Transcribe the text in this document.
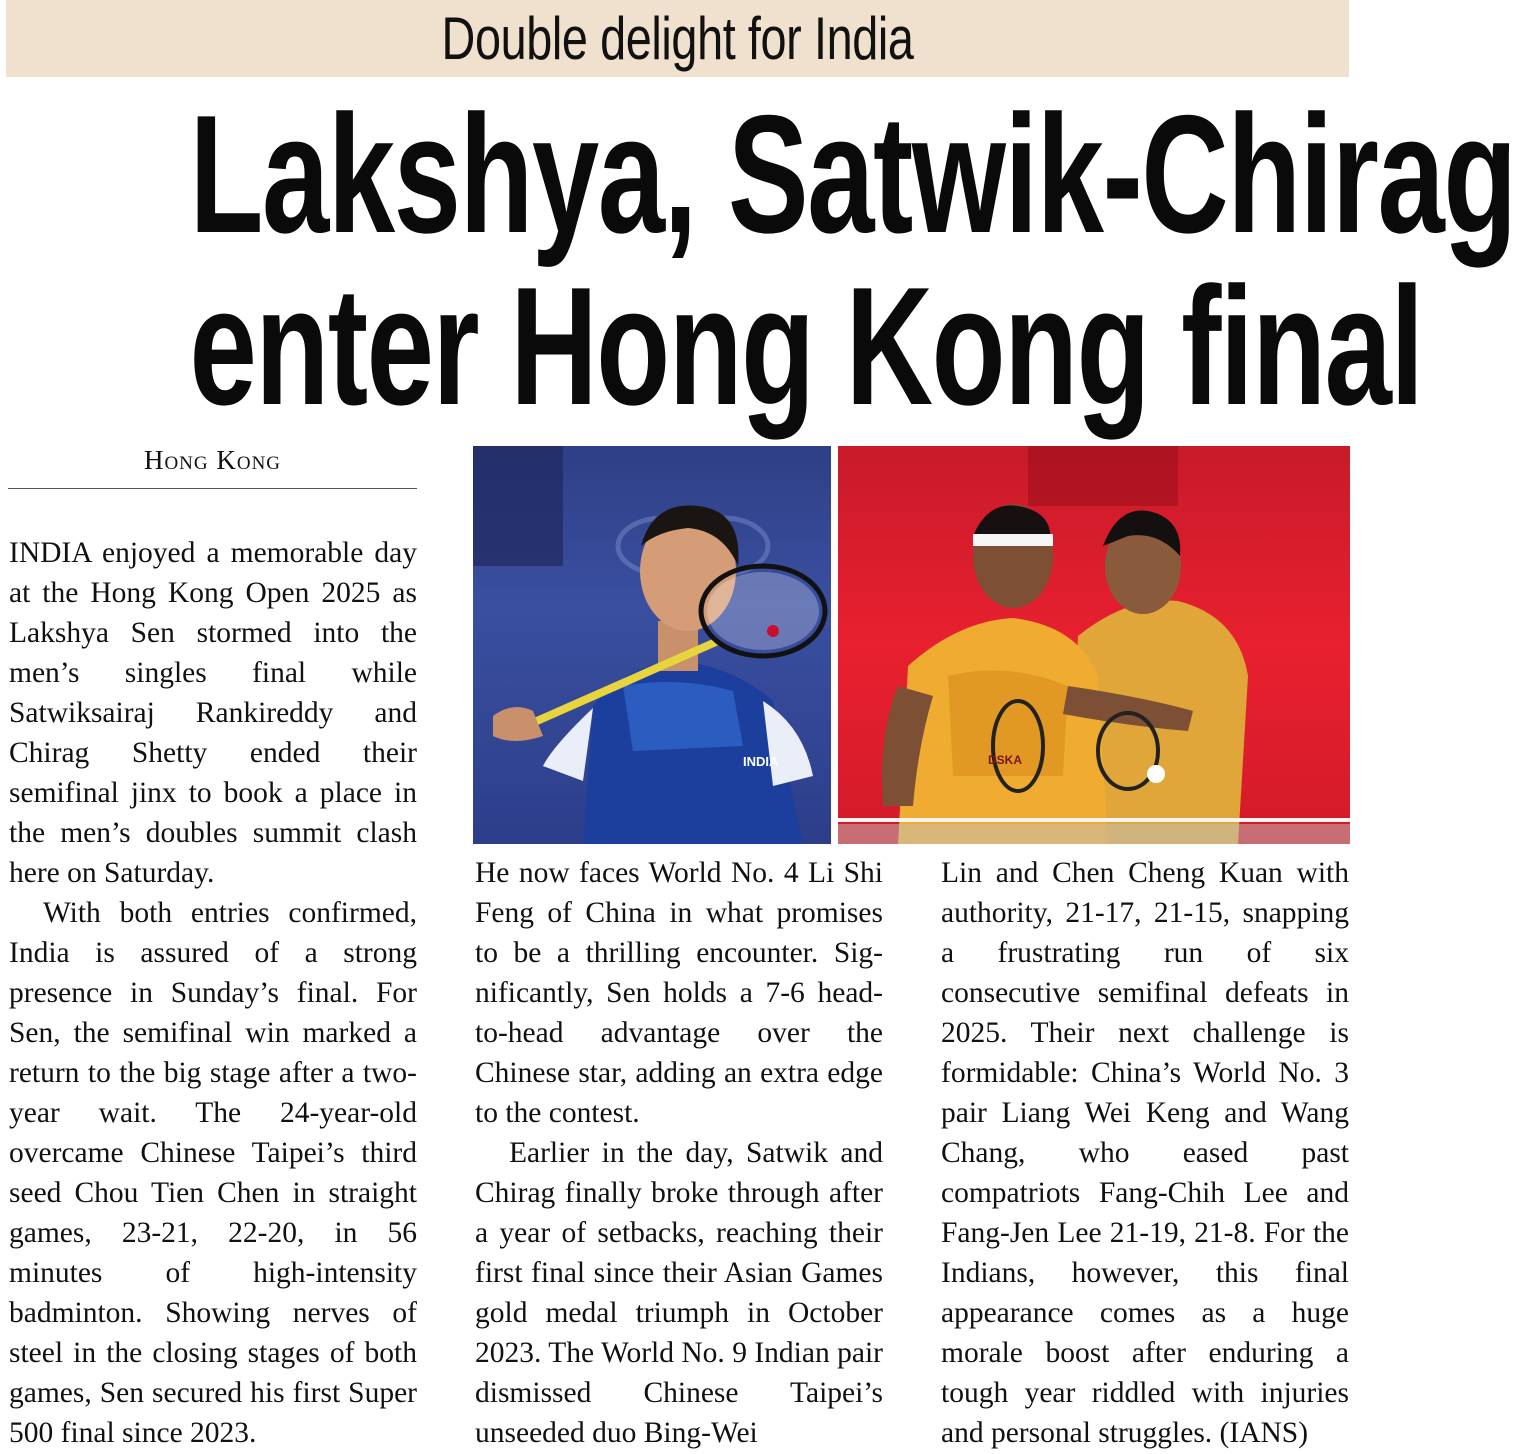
Double delight for India
Lakshya, Satwik-Chirag
enter Hong Kong final
Hong Kong

INDIA enjoyed a memorable day at the Hong Kong Open 2025 as Lakshya Sen stormed into the men’s singles final while Satwiksairaj Rankireddy and Chirag Shetty ended their semifinal jinx to book a place in the men’s doubles summit clash here on Saturday.

With both entries confirmed, India is assured of a strong presence in Sunday’s final. For Sen, the semifinal win marked a return to the big stage after a two-year wait. The 24-year-old overcame Chinese Taipei’s third seed Chou Tien Chen in straight games, 23-21, 22-20, in 56 minutes of high-intensity badminton. Showing nerves of steel in the closing stages of both games, Sen secured his first Super 500 final since 2023.

INDIA	DSKA

He now faces World No. 4 Li Shi Feng of China in what promises to be a thrilling encounter. Significantly, Sen holds a 7-6 head-to-head advantage over the Chinese star, adding an extra edge to the contest.

Earlier in the day, Satwik and Chirag finally broke through after a year of setbacks, reaching their first final since their Asian Games gold medal triumph in October 2023. The World No. 9 Indian pair dismissed Chinese Taipei’s unseeded duo Bing-Wei

Lin and Chen Cheng Kuan with authority, 21-17, 21-15, snapping a frustrating run of six consecutive semifinal defeats in 2025. Their next challenge is formidable: China’s World No. 3 pair Liang Wei Keng and Wang Chang, who eased past compatriots Fang-Chih Lee and Fang-Jen Lee 21-19, 21-8. For the Indians, however, this final appearance comes as a huge morale boost after enduring a tough year riddled with injuries and personal struggles. (IANS)
